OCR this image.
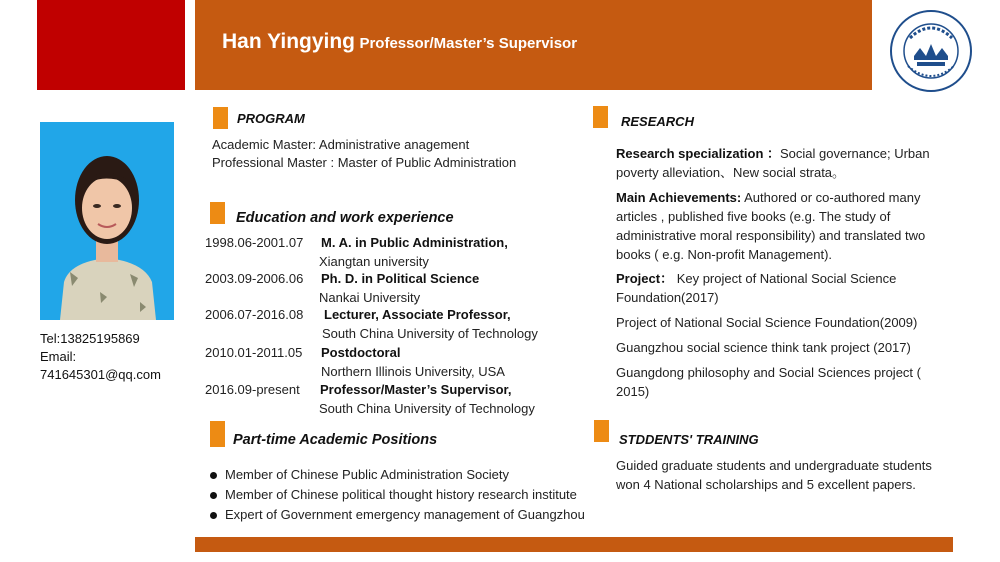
Han Yingying Professor/Master’s Supervisor
Tel:13825195869
Email:
741645301@qq.com
PROGRAM
Academic Master: Administrative anagement
Professional Master : Master of Public Administration
Education and work experience
1998.06-2001.07 M. A. in Public Administration,
Xiangtan university
2003.09-2006.06 Ph. D. in Political Science
Nankai University
2006.07-2016.08 Lecturer, Associate Professor,
South China University of Technology
2010.01-2011.05 Postdoctoral
Northern Illinois University, USA
2016.09-present Professor/Master’s Supervisor,
South China University of Technology
Part-time Academic Positions
Member of Chinese Public Administration Society
Member of Chinese political thought history research institute
Expert of Government emergency management of Guangzhou
RESEARCH
Research specialization ：Social governance; Urban poverty alleviation、New social strata。
Main Achievements: Authored or co-authored many articles , published five books (e.g. The study of administrative moral responsibility) and translated two books ( e.g. Non-profit Management).
Project： Key project of National Social Science Foundation(2017)
Project of National Social Science Foundation(2009)
Guangzhou social science think tank project (2017)
Guangdong philosophy and Social Sciences project ( 2015)
STDDENTS' TRAINING
Guided graduate students and undergraduate students won 4 National scholarships and 5 excellent papers.
